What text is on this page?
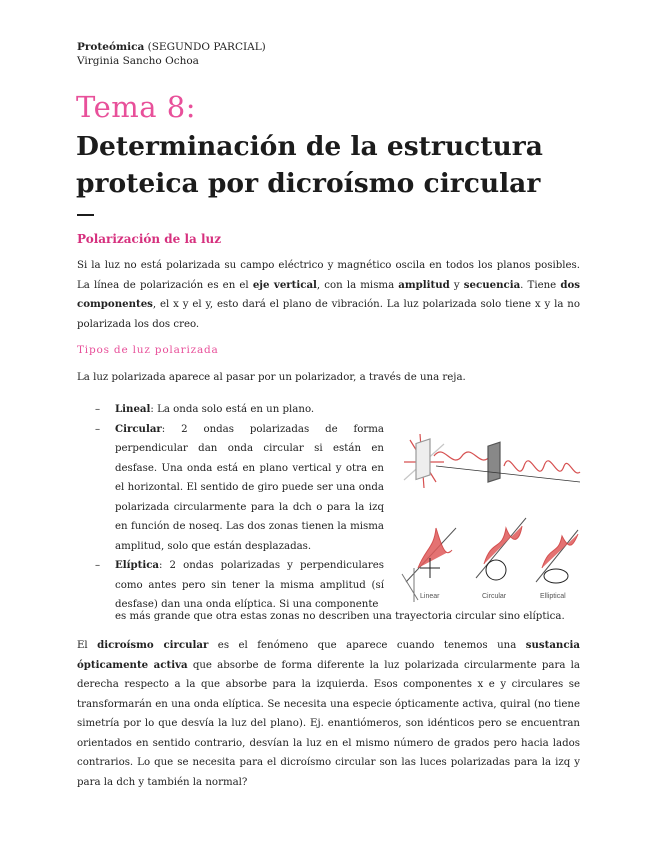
Proteómica (SEGUNDO PARCIAL)
Virginia Sancho Ochoa
Tema 8:
Determinación de la estructura
proteica por dicroísmo circular
Polarización de la luz
Si la luz no está polarizada su campo eléctrico y magnético oscila en todos los planos posibles. La línea de polarización es en el eje vertical, con la misma amplitud y secuencia. Tiene dos componentes, el x y el y, esto dará el plano de vibración. La luz polarizada solo tiene x y la no polarizada los dos creo.
Tipos de luz polarizada
La luz polarizada aparece al pasar por un polarizador, a través de una reja.
– Lineal: La onda solo está en un plano.
– Circular: 2 ondas polarizadas de forma perpendicular dan onda circular si están en desfase. Una onda está en plano vertical y otra en el horizontal. El sentido de giro puede ser una onda polarizada circularmente para la dch o para la izq en función de noseq. Las dos zonas tienen la misma amplitud, solo que están desplazadas.
– Elíptica: 2 ondas polarizadas y perpendiculares como antes pero sin tener la misma amplitud (sí desfase) dan una onda elíptica. Si una componente
es más grande que otra estas zonas no describen una trayectoria circular sino elíptica.
Linear	Circular	Elliptical
El dicroísmo circular es el fenómeno que aparece cuando tenemos una sustancia ópticamente activa que absorbe de forma diferente la luz polarizada circularmente para la derecha respecto a la que absorbe para la izquierda. Esos componentes x e y circulares se transformarán en una onda elíptica. Se necesita una especie ópticamente activa, quiral (no tiene simetría por lo que desvía la luz del plano). Ej. enantiómeros, son idénticos pero se encuentran orientados en sentido contrario, desvían la luz en el mismo número de grados pero hacia lados contrarios. Lo que se necesita para el dicroísmo circular son las luces polarizadas para la izq y para la dch y también la normal?
